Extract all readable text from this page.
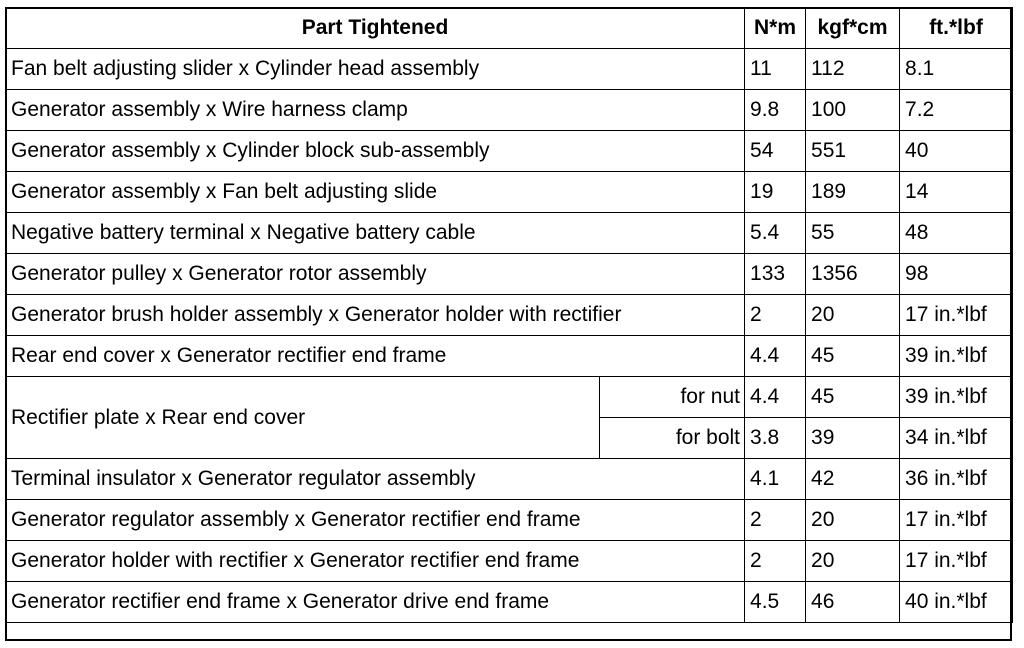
Part Tightened		N*m	kgf*cm	ft.*lbf
Fan belt adjusting slider x Cylinder head assembly		11	112	8.1
Generator assembly x Wire harness clamp		9.8	100	7.2
Generator assembly x Cylinder block sub-assembly		54	551	40
Generator assembly x Fan belt adjusting slide		19	189	14
Negative battery terminal x Negative battery cable		5.4	55	48
Generator pulley x Generator rotor assembly		133	1356	98
Generator brush holder assembly x Generator holder with rectifier		2	20	17 in.*lbf
Rear end cover x Generator rectifier end frame		4.4	45	39 in.*lbf
Rectifier plate x Rear end cover	for nut	4.4	45	39 in.*lbf
	for bolt	3.8	39	34 in.*lbf
Terminal insulator x Generator regulator assembly		4.1	42	36 in.*lbf
Generator regulator assembly x Generator rectifier end frame		2	20	17 in.*lbf
Generator holder with rectifier x Generator rectifier end frame		2	20	17 in.*lbf
Generator rectifier end frame x Generator drive end frame		4.5	46	40 in.*lbf
